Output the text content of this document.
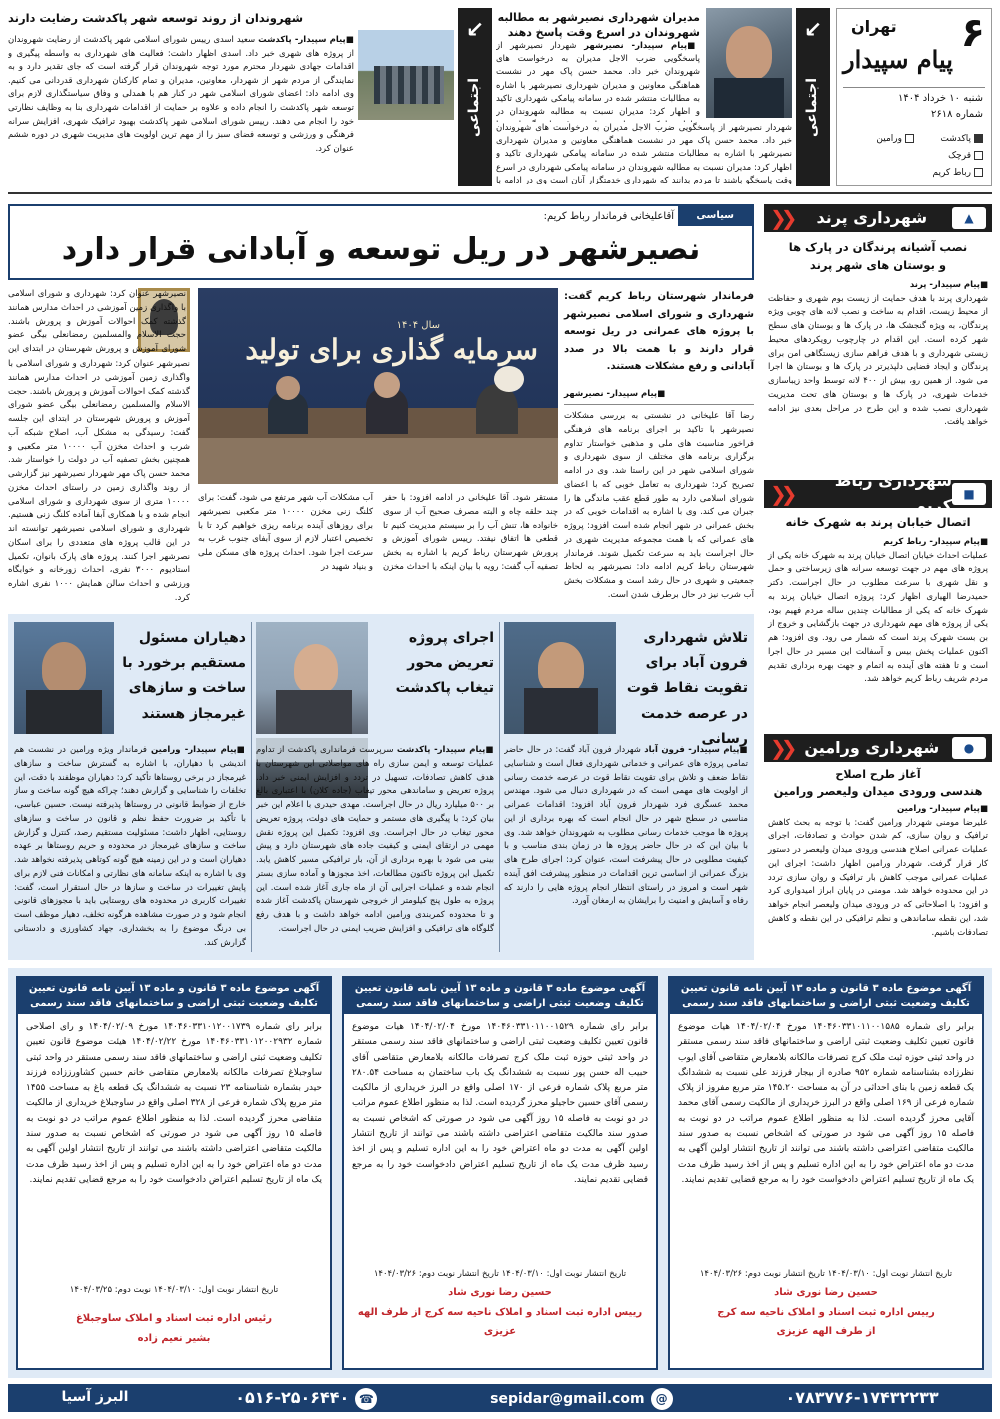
۶
تهران
پیام سپیدار
شنبه ۱۰ خرداد ۱۴۰۴
شماره ۲۶۱۸
پاکدشت
ورامین
قرچک
رباط کریم
↙
اجتماعی
مدیران شهرداری نصیرشهر به مطالبه شهروندان در اسرع وقت پاسخ دهند
■ پیام سپیدار- نصیرشهر شهردار نصیرشهر از پاسخگویی ضرب الاجل مدیران به درخواست های شهروندان خبر داد. محمد حسن پاک مهر در نشست هماهنگی معاونین و مدیران شهرداری نصیرشهر با اشاره به مطالبات منتشر شده در سامانه پیامکی شهرداری تاکید و اظهار کرد: مدیران نسبت به مطالبه شهروندان در
شهردار نصیرشهر از پاسخگویی ضرب الاجل مدیران به درخواست های شهروندان خبر داد. محمد حسن پاک مهر در نشست هماهنگی معاونین و مدیران شهرداری نصیرشهر با اشاره به مطالبات منتشر شده در سامانه پیامکی شهرداری تاکید و اظهار کرد: مدیران نسبت به مطالبه شهروندان در سامانه پیامکی شهرداری در اسرع وقت پاسخگو باشند تا مردم بدانند که شهرداری خدمتگزار آنان است وی در ادامه با
↙
اجتماعی
شهروندان از روند توسعه شهر پاکدشت رضایت دارند
■ پیام سپیدار- پاکدشت سعید اسدی رییس شورای اسلامی شهر پاکدشت از رضایت شهروندان از پروژه های شهری خبر داد. اسدی اظهار داشت: فعالیت های شهرداری به واسطه پیگیری و اقدامات جهادی شهردار محترم مورد توجه شهروندان قرار گرفته است که جای تقدیر دارد و به نمایندگی از مردم شهر از شهردار، معاونین، مدیران و تمام کارکنان شهرداری قدردانی می کنیم. وی ادامه داد: اعضای شورای اسلامی شهر در کنار هم با همدلی و وفاق سیاستگذاری لازم برای توسعه شهر پاکدشت را انجام داده و علاوه بر حمایت از اقدامات شهرداری بنا به وظایف نظارتی خود را انجام می دهند. رییس شورای اسلامی شهر پاکدشت بهبود ترافیک شهری، افزایش سرانه فرهنگی و ورزشی و توسعه فضای سبز را از مهم ترین اولویت های مدیریت شهری در دوره ششم عنوان کرد.
▲
شهرداری پرند
❮❮
نصب آشیانه پرندگان در پارک ها و بوستان های شهر پرند
■ پیام سپیدار- پرند
شهرداری پرند با هدف حمایت از زیست بوم شهری و حفاظت از محیط زیست، اقدام به ساخت و نصب لانه های چوبی ویژه پرندگان، به ویژه گنجشک ها، در پارک ها و بوستان های سطح شهر کرده است. این اقدام در چارچوب رویکردهای محیط زیستی شهرداری و با هدف فراهم سازی زیستگاهی امن برای پرندگان و ایجاد فضایی دلپذیرتر در پارک ها و بوستان ها اجرا می شود. از همین رو، بیش از ۴۰۰ لانه توسط واحد زیباسازی خدمات شهری، در پارک ها و بوستان های تحت مدیریت شهرداری نصب شده و این طرح در مراحل بعدی نیز ادامه خواهد یافت.
■
شهرداری رباط کریم
❮❮
اتصال خیابان پرند به شهرک خانه
■ پیام سپیدار- رباط کریم
عملیات احداث خیابان اتصال خیابان پرند به شهرک خانه یکی از پروژه های مهم در جهت توسعه سرانه های زیرساختی و حمل و نقل شهری با سرعت مطلوب در حال اجراست. دکتر حمیدرضا الهیاری اظهار کرد: پروژه اتصال خیابان پرند به شهرک خانه که یکی از مطالبات چندین ساله مردم فهیم بود، یکی از پروژه های مهم شهرداری در جهت بازگشایی و خروج از بن بست شهرک پرند است که شمار می رود. وی افزود: هم اکنون عملیات پخش بیس و آسفالت این مسیر در حال اجرا است و تا هفته های آینده به اتمام و جهت بهره برداری تقدیم مردم شریف رباط کریم خواهد شد.
●
شهرداری ورامین
❮❮
آغاز طرح اصلاح
هندسی ورودی میدان ولیعصر ورامین
■ پیام سپیدار- ورامین
علیرضا مومنی شهردار ورامین گفت: با توجه به بحث کاهش ترافیک و روان سازی، کم شدن حوادث و تصادفات، اجرای عملیات عمرانی اصلاح هندسی ورودی میدان ولیعصر در دستور کار قرار گرفت. شهردار ورامین اظهار داشت: اجرای این عملیات عمرانی موجب کاهش بار ترافیک و روان سازی تردد در این محدوده خواهد شد. مومنی در پایان ابراز امیدواری کرد و افزود: با اصلاحاتی که در ورودی میدان ولیعصر انجام خواهد شد، این نقطه ساماندهی و نظم ترافیکی در این نقطه و کاهش تصادفات باشیم.
سیاسی
آقاعلیخانی فرماندار رباط کریم:
نصیرشهر در ریل توسعه و آبادانی قرار دارد
فرماندار شهرستان رباط کریم گفت: شهرداری و شورای اسلامی نصیرشهر با پروژه های عمرانی در ریل توسعه قرار دارند و با همت بالا در صدد آبادانی و رفع مشکلات هستند.
■ پیام سپیدار- نصیرشهر
رضا آقا علیخانی در نشستی به بررسی مشکلات نصیرشهر با تاکید بر اجرای برنامه های فرهنگی فراخور مناسبت های ملی و مذهبی خواستار تداوم برگزاری برنامه های مختلف از سوی شهرداری و شورای اسلامی شهر در این راستا شد. وی در ادامه تصریح کرد: شهرداری به تعامل خوبی که با اعضای شورای اسلامی دارد به طور قطع عقب ماندگی ها را جبران می کند. وی با اشاره به اقدامات خوبی که در بخش عمرانی در شهر انجام شده است افزود: پروژه های عمرانی که با همت مجموعه مدیریت شهری در حال اجراست باید به سرعت تکمیل شوند. فرماندار شهرستان رباط کریم ادامه داد: نصیرشهر به لحاظ جمعیتی و شهری در حال رشد است و مشکلات بخش آب شرب نیز در حال برطرف شدن است.
سال ۱۴۰۴
سرمایه گذاری برای تولید
مستقر شود. آقا علیخانی در ادامه افزود: با حفر چند حلقه چاه و البته مصرف صحیح آب از سوی خانواده ها، تنش آب را بر سیستم مدیریت کنیم تا قطعی ها اتفاق نیفتد. رییس شورای آموزش و پرورش شهرستان رباط کریم با اشاره به بخش تصفیه آب گفت: رویه با بیان اینکه با احداث مخزن آب مشکلات آب شهر مرتفع می شود، گفت: برای کلنگ زنی مخزن ۱۰۰۰۰ متر مکعبی نصیرشهر برای روزهای آینده برنامه ریزی خواهیم کرد تا با تخصیص اعتبار لازم از سوی آبفای جنوب غرب به سرعت اجرا شود. احداث پروژه های مسکن ملی و بنیاد شهید در
نصیرشهر عنوان کرد: شهرداری و شورای اسلامی با واگذاری زمین آموزشی در احداث مدارس همانند گذشته کمک احوالات آموزش و پرورش باشند. حجت الاسلام والمسلمین رمضانعلی بیگی عضو شورای آموزش و پرورش شهرستان در ابتدای این جلسه گفت: رسیدگی به مشکل آب، اصلاح شبکه آب شرب و احداث مخزن آب ۱۰۰۰۰ متر مکعبی و همچنین بخش تصفیه آب در دولت را خواستار شد. محمد حسن پاک مهر شهردار نصیرشهر نیز گزارشی از روند واگذاری زمین در راستای احداث مخزن ۱۰۰۰۰ متری از سوی شهرداری و شورای اسلامی انجام شده و با همکاری آبفا آماده کلنگ زنی هستیم. شهرداری و شورای اسلامی نصیرشهر توانسته اند در این قالب پروژه های متعددی را برای اسکان نصرشهر اجرا کنند. پروژه های پارک بانوان، تکمیل استادیوم ۳۰۰۰ نفری، احداث زورخانه و خوابگاه ورزشی و احداث سالن همایش ۱۰۰۰ نفری اشاره کرد.
نصیرشهر عنوان کرد: شهرداری و شورای اسلامی با واگذاری زمین آموزشی در احداث مدارس همانند گذشته کمک احوالات آموزش و پرورش باشند. حجت الاسلام والمسلمین رمضانعلی بیگی عضو شورای آموزش و پرورش شهرستان در ابتدای این
تلاش شهرداری فرون آباد برای تقویت نقاط قوت در عرصه خدمت رسانی
■ پیام سپیدار- فرون آباد شهردار فرون آباد گفت: در حال حاضر تمامی پروژه های عمرانی و خدماتی شهرداری فعال است و شناسایی نقاط ضعف و تلاش برای تقویت نقاط قوت در عرصه خدمت رسانی از اولویت های مهمی است که در شهرداری دنبال می شود. مهندس محمد عسگری فرد شهردار فرون آباد افزود: اقدامات عمرانی مناسبی در سطح شهر در حال انجام است که بهره برداری از این پروژه ها موجب خدمات رسانی مطلوب به شهروندان خواهد شد. وی با بیان این که در حال حاضر پروژه ها در زمان بندی مناسب و با کیفیت مطلوبی در حال پیشرفت است، عنوان کرد: اجرای طرح های بزرگ عمرانی از اساسی ترین اقدامات در منظور پیشرفت افق آینده شهر است و امروز در راستای انتظار انجام پروژه هایی را دارند که رفاه و آسایش و امنیت را برایشان به ارمغان آورد.
اجرای پروژه تعریض محور تیغاب پاکدشت
■ پیام سپیدار- پاکدشت سرپرست فرمانداری پاکدشت از تداوم عملیات توسعه و ایمن سازی راه های مواصلاتی این شهرستان با هدف کاهش تصادفات، تسهیل در تردد و افزایش ایمنی خبر داد. پروژه تعریض و ساماندهی محور تیغاب (جاده کلان) با اعتباری بالغ بر ۵۰۰ میلیارد ریال در حال اجراست. مهدی حیدری با اعلام این خبر بیان کرد: با پیگیری های مستمر و حمایت های دولت، پروژه تعریض محور تیغاب در حال اجراست. وی افزود: تکمیل این پروژه نقش مهمی در ارتقای ایمنی و کیفیت جاده های شهرستان دارد و پیش بینی می شود با بهره برداری از آن، بار ترافیکی مسیر کاهش یابد. تکمیل این پروژه تاکنون مطالعات، اخذ مجوزها و آماده سازی بستر انجام شده و عملیات اجرایی آن از ماه جاری آغاز شده است. این پروژه به طول پنج کیلومتر از خروجی شهرستان پاکدشت آغاز شده و تا محدوده کمربندی ورامین ادامه خواهد داشت و با هدف رفع گلوگاه های ترافیکی و افزایش ضریب ایمنی در حال اجراست.
دهیاران مسئول مستقیم برخورد با ساخت و سازهای غیرمجاز هستند
■ پیام سپیدار- ورامین فرماندار ویژه ورامین در نشست هم اندیشی با دهیاران، با اشاره به گسترش ساخت و سازهای غیرمجاز در برخی روستاها تأکید کرد: دهیاران موظفند با دقت، این تخلفات را شناسایی و گزارش دهند؛ چراکه هیچ گونه ساخت و ساز خارج از ضوابط قانونی در روستاها پذیرفته نیست. حسین عباسی، با تأکید بر ضرورت حفظ نظم و قانون در ساخت و سازهای روستایی، اظهار داشت: مسئولیت مستقیم رصد، کنترل و گزارش ساخت و سازهای غیرمجاز در محدوده و حریم روستاها بر عهده دهیاران است و در این زمینه هیچ گونه کوتاهی پذیرفته نخواهد شد. وی با اشاره به اینکه سامانه های نظارتی و امکانات فنی لازم برای پایش تغییرات در ساخت و سازها در حال استقرار است، گفت: تغییرات کاربری در محدوده های روستایی باید با مجوزهای قانونی انجام شود و در صورت مشاهده هرگونه تخلف، دهیار موظف است بی درنگ موضوع را به بخشداری، جهاد کشاورزی و دادستانی گزارش کند.
آگهی موضوع ماده ۳ قانون و ماده ۱۳ آیین نامه قانون تعیین تکلیف وضعیت ثبتی اراضی و ساختمانهای فاقد سند رسمی
برابر رای شماره ۱۴۰۴۶۰۳۳۱۰۱۱۰۰۱۵۸۵ مورخ ۱۴۰۴/۰۲/۰۴ هیات موضوع قانون تعیین تکلیف وضعیت ثبتی اراضی و ساختمانهای فاقد سند رسمی مستقر در واحد ثبتی حوزه ثبت ملک کرج تصرفات مالکانه بلامعارض متقاضی آقای ایوب نظرزاده بشناسنامه شماره ۹۵۲ صادره از بیجار فرزند علی نسبت به ششدانگ یک قطعه زمین با بنای احداثی در آن به مساحت ۱۴۵.۲۰ متر مربع مفروز از پلاک شماره فرعی از ۱۶۹ اصلی واقع در البرز خریداری از مالکیت رسمی آقای محمد آقایی محرز گردیده است. لذا به منظور اطلاع عموم مراتب در دو نوبت به فاصله ۱۵ روز آگهی می شود در صورتی که اشخاص نسبت به صدور سند مالکیت متقاضی اعتراضی داشته باشند می توانند از تاریخ انتشار اولین آگهی به مدت دو ماه اعتراض خود را به این اداره تسلیم و پس از اخذ رسید ظرف مدت یک ماه از تاریخ تسلیم اعتراض دادخواست خود را به مرجع قضایی تقدیم نمایند.
تاریخ انتشار نوبت اول: ۱۴۰۴/۰۳/۱۰ تاریخ انتشار نوبت دوم: ۱۴۰۴/۰۳/۲۶
حسین رضا نوری شاد
رییس اداره ثبت اسناد و املاک ناحیه سه کرج
از طرف الهه عزیزی
آگهی موضوع ماده ۳ قانون و ماده ۱۳ آیین نامه قانون تعیین تکلیف وضعیت ثبتی اراضی و ساختمانهای فاقد سند رسمی
برابر رای شماره ۱۴۰۴۶۰۳۳۱۰۱۱۰۰۱۵۲۹ مورخ ۱۴۰۴/۰۲/۰۴ هیات موضوع قانون تعیین تکلیف وضعیت ثبتی اراضی و ساختمانهای فاقد سند رسمی مستقر در واحد ثبتی حوزه ثبت ملک کرج تصرفات مالکانه بلامعارض متقاضی آقای حبیب اله حسن پور نسبت به ششدانگ یک باب ساختمان به مساحت ۲۸۰.۵۴ متر مربع پلاک شماره فرعی از ۱۷۰ اصلی واقع در البرز خریداری از مالکیت رسمی آقای حسین حاجیلو محرز گردیده است. لذا به منظور اطلاع عموم مراتب در دو نوبت به فاصله ۱۵ روز آگهی می شود در صورتی که اشخاص نسبت به صدور سند مالکیت متقاضی اعتراضی داشته باشند می توانند از تاریخ انتشار اولین آگهی به مدت دو ماه اعتراض خود را به این اداره تسلیم و پس از اخذ رسید ظرف مدت یک ماه از تاریخ تسلیم اعتراض دادخواست خود را به مرجع قضایی تقدیم نمایند.
تاریخ انتشار نوبت اول: ۱۴۰۴/۰۳/۱۰ تاریخ انتشار نوبت دوم: ۱۴۰۴/۰۳/۲۶
حسین رضا نوری شاد
رییس اداره ثبت اسناد و املاک ناحیه سه کرج از طرف الهه
عزیزی
آگهی موضوع ماده ۳ قانون و ماده ۱۳ آیین نامه قانون تعیین تکلیف وضعیت ثبتی اراضی و ساختمانهای فاقد سند رسمی
برابر رای شماره ۱۴۰۴۶۰۳۳۱۰۱۲۰۰۱۷۳۹ مورخ ۱۴۰۴/۰۲/۰۹ و رای اصلاحی شماره ۱۴۰۴۶۰۳۳۱۰۱۲۰۰۲۹۳۲ مورخ ۱۴۰۴/۰۲/۲۲ هیئت موضوع قانون تعیین تکلیف وضعیت ثبتی اراضی و ساختمانهای فاقد سند رسمی مستقر در واحد ثبتی ساوجبلاغ تصرفات مالکانه بلامعارض متقاضی خانم حسین کشاورززاده فرزند حیدر بشماره شناسنامه ۲۳ نسبت به ششدانگ یک قطعه باغ به مساحت ۱۴۵۵ متر مربع پلاک شماره فرعی از ۳۲۸ اصلی واقع در ساوجبلاغ خریداری از مالکیت متقاضی محرز گردیده است. لذا به منظور اطلاع عموم مراتب در دو نوبت به فاصله ۱۵ روز آگهی می شود در صورتی که اشخاص نسبت به صدور سند مالکیت متقاضی اعتراضی داشته باشند می توانند از تاریخ انتشار اولین آگهی به مدت دو ماه اعتراض خود را به این اداره تسلیم و پس از اخذ رسید ظرف مدت یک ماه از تاریخ تسلیم اعتراض دادخواست خود را به مرجع قضایی تقدیم نمایند.
تاریخ انتشار نوبت اول: ۱۴۰۴/۰۳/۱۰ نوبت دوم: ۱۴۰۴/۰۳/۲۵
رئیس اداره ثبت اسناد و املاک ساوجبلاغ
بشیر نعیم زاده
۰۷۸۳۷۷۶-۱۷۴۳۲۲۳۳
@sepidar@gmail.com
☎۰۵۱۶-۲۵۰۶۴۴۰
البرز آسیا
